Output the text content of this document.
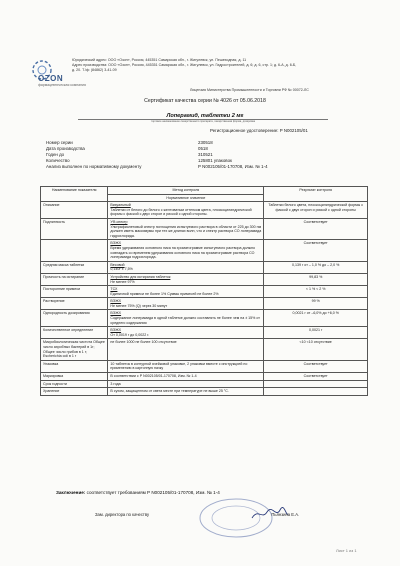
OZON
фармацевтическая компания
Юридический адрес: ООО «Озон», Россия, 445351 Самарская обл., г. Жигулевск, ул. Пешеходная, д. 11
Адрес производства: ООО «Озон», Россия, 445351 Самарская обл., г. Жигулевск, ул. Гидростроителей, д. 6; д. 6, стр. 1; д. 6-А, д. 6-Б,
д. 20. Т./ф: (84862) 3-41-09
Лицензия Министерства Промышленности и Торговли РФ № 00072-ЛС
Сертификат качества серии № 4026 от 05.06.2018
Лоперамид, таблетки 2 мг
торговое наименование лекарственного препарата, лекарственная форма, дозировка
Регистрационное удостоверение: Р N002105/01
Номер серии	230518
Дата производства	0518
Годен до	310521
Количество	125801 упаковок
Анализ выполнен по нормативному документу	Р N002105/01-170708, Изм. № 1-4
Наименование показателя	Метод контроля	Результат контроля
	Нормативное значение	
Описание	Визуальный
Таблетки от белого до белого с желтоватым оттенком цвета, плоскоцилиндрической формы с фаской с двух сторон и риской с одной стороны.	Таблетки белого цвета, плоскоцилиндрической формы с фаской с двух сторон и риской с одной стороны
Подлинность	УФ-спектр
Ультрафиолетовый спектр поглощения испытуемого раствора в области от 225 до 300 нм должен иметь максимумы при тех же длинах волн, что и спектр раствора СО лоперамида гидрохлорида.	Соответствует

	ВЭЖХ
Время удерживания основного пика на хроматограмме испытуемого раствора должно совпадать со временем удерживания основного пика на хроматограмме раствора СО лоперамида гидрохлорида.	Соответствует
Средняя масса таблетки	Весовой
0,140г ± 7,5%	0,139 г от – 1,0 % до – 2,0 %
Прочность на истирание	Устройство для истирания таблеток
Не менее 97%	99,83 %
Посторонние примеси	ТСХ
Единичной примеси не более 1% Суммы примесей не более 2%	< 1 % < 2 %
Растворение	ВЭЖХ
Не менее 75% (Q) через 30 минут	99 %
Однородность дозирования	ВЭЖХ
Содержание лоперамида в одной таблетке должно составлять не более чем на ± 15% от среднего содержания	0,0021 г от –6,0% до +6,0 %
Количественное определение	ВЭЖХ
От 0,0019 г до 0,0022 г.	0,0021 г
Микробиологическая чистота Общее число аэробных бактерий в 1г; Общее число грибов в 1 г; Escherichia coli в 1 г	не более 1000 не более 100 отсутствие	<10 <10 отсутствие
Упаковка	10 таблеток в контурной ячейковой упаковке, 2 упаковки вместе с инструкцией по применению в картонную пачку	Соответствует
Маркировка	В соответствии с Р N002105/01-170708, Изм. № 1-4	Соответствует
Срок годности	3 года	

Хранение	В сухом, защищенном от света месте при температуре не выше 25 °С.	

Заключение: соответствует требованиям Р N002105/01-170708, Изм. № 1-4
Зам. директора по качеству	Пьянзина Е.А.
Лист 1 из 1
